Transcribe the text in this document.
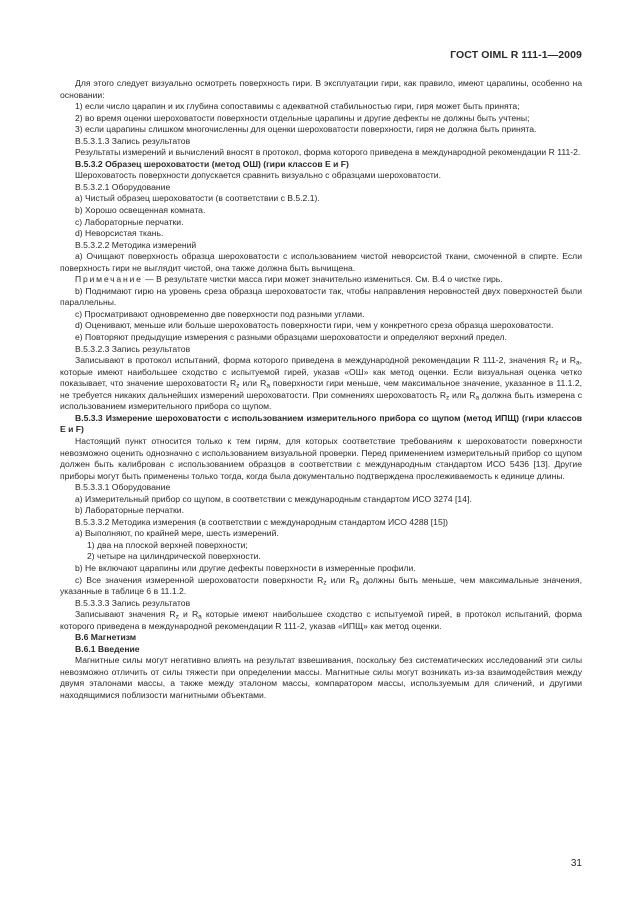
ГОСТ OIML R 111-1—2009

Для этого следует визуально осмотреть поверхность гири. В эксплуатации гири, как правило, имеют царапины, особенно на основании:

1) если число царапин и их глубина сопоставимы с адекватной стабильностью гири, гиря может быть принята;

2) во время оценки шероховатости поверхности отдельные царапины и другие дефекты не должны быть учтены;

3) если царапины слишком многочисленны для оценки шероховатости поверхности, гиря не должна быть принята.

В.5.3.1.3 Запись результатов

Результаты измерений и вычислений вносят в протокол, форма которого приведена в международной рекомендации R 111-2.

В.5.3.2 Образец шероховатости (метод ОШ) (гири классов E и F)

Шероховатость поверхности допускается сравнить визуально с образцами шероховатости.

В.5.3.2.1 Оборудование

a) Чистый образец шероховатости (в соответствии с В.5.2.1).

b) Хорошо освещенная комната.

c) Лабораторные перчатки.

d) Неворсистая ткань.

В.5.3.2.2 Методика измерений

a) Очищают поверхность образца шероховатости с использованием чистой неворсистой ткани, смоченной в спирте. Если поверхность гири не выглядит чистой, она также должна быть вычищена.

Примечание — В результате чистки масса гири может значительно измениться. См. В.4 о чистке гирь.

b) Поднимают гирю на уровень среза образца шероховатости так, чтобы направления неровностей двух поверхностей были параллельны.

c) Просматривают одновременно две поверхности под разными углами.

d) Оценивают, меньше или больше шероховатость поверхности гири, чем у конкретного среза образца шероховатости.

e) Повторяют предыдущие измерения с разными образцами шероховатости и определяют верхний предел.

В.5.3.2.3 Запись результатов

Записывают в протокол испытаний, форма которого приведена в международной рекомендации R 111-2, значения $R_z$ и $R_a$, которые имеют наибольшее сходство с испытуемой гирей, указав «ОШ» как метод оценки. Если визуальная оценка четко показывает, что значение шероховатости $R_z$ или $R_a$ поверхности гири меньше, чем максимальное значение, указанное в 11.1.2, не требуется никаких дальнейших измерений шероховатости. При сомнениях шероховатость $R_z$ или $R_a$ должна быть измерена с использованием измерительного прибора со щупом.

В.5.3.3 Измерение шероховатости с использованием измерительного прибора со щупом (метод ИПЩ) (гири классов E и F)

Настоящий пункт относится только к тем гирям, для которых соответствие требованиям к шероховатости поверхности невозможно оценить однозначно с использованием визуальной проверки. Перед применением измерительный прибор со щупом должен быть калиброван с использованием образцов в соответствии с международным стандартом ИСО 5436 [13]. Другие приборы могут быть применены только тогда, когда была документально подтверждена прослеживаемость к единице длины.

В.5.3.3.1 Оборудование

a) Измерительный прибор со щупом, в соответствии с международным стандартом ИСО 3274 [14].

b) Лабораторные перчатки.

В.5.3.3.2 Методика измерения (в соответствии с международным стандартом ИСО 4288 [15])

a) Выполняют, по крайней мере, шесть измерений.

1) два на плоской верхней поверхности;

2) четыре на цилиндрической поверхности.

b) Не включают царапины или другие дефекты поверхности в измеренные профили.

c) Все значения измеренной шероховатости поверхности $R_z$ или $R_a$ должны быть меньше, чем максимальные значения, указанные в таблице 6 в 11.1.2.

В.5.3.3.3 Запись результатов

Записывают значения $R_z$ и $R_a$ которые имеют наибольшее сходство с испытуемой гирей, в протокол испытаний, форма которого приведена в международной рекомендации R 111-2, указав «ИПЩ» как метод оценки.

В.6 Магнетизм

В.6.1 Введение

Магнитные силы могут негативно влиять на результат взвешивания, поскольку без систематических исследований эти силы невозможно отличить от силы тяжести при определении массы. Магнитные силы могут возникать из-за взаимодействия между двумя эталонами массы, а также между эталоном массы, компаратором массы, используемым для сличений, и другими находящимися поблизости магнитными объектами.

31
